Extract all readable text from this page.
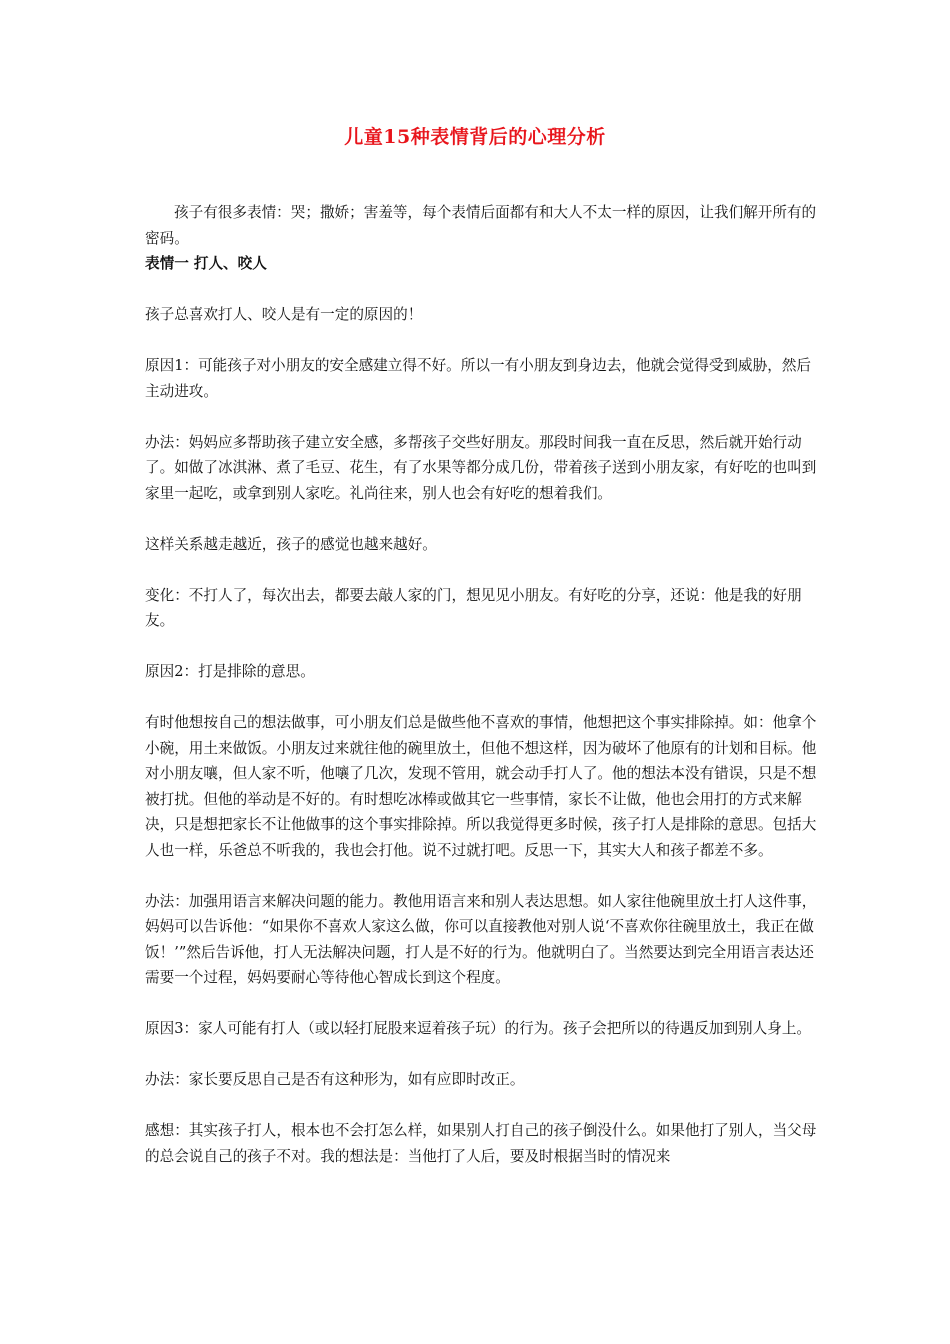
儿童15种表情背后的心理分析

孩子有很多表情：哭；撒娇；害羞等，每个表情后面都有和大人不太一样的原因，让我们解开所有的密码。

表情一 打人、咬人

孩子总喜欢打人、咬人是有一定的原因的！

原因1：可能孩子对小朋友的安全感建立得不好。所以一有小朋友到身边去，他就会觉得受到威胁，然后主动进攻。

办法：妈妈应多帮助孩子建立安全感，多帮孩子交些好朋友。那段时间我一直在反思，然后就开始行动了。如做了冰淇淋、煮了毛豆、花生，有了水果等都分成几份，带着孩子送到小朋友家，有好吃的也叫到家里一起吃，或拿到别人家吃。礼尚往来，别人也会有好吃的想着我们。

这样关系越走越近，孩子的感觉也越来越好。

变化：不打人了，每次出去，都要去敲人家的门，想见见小朋友。有好吃的分享，还说：他是我的好朋友。

原因2：打是排除的意思。

有时他想按自己的想法做事，可小朋友们总是做些他不喜欢的事情，他想把这个事实排除掉。如：他拿个小碗，用土来做饭。小朋友过来就往他的碗里放土，但他不想这样，因为破坏了他原有的计划和目标。他对小朋友嚷，但人家不听，他嚷了几次，发现不管用，就会动手打人了。他的想法本没有错误，只是不想被打扰。但他的举动是不好的。有时想吃冰棒或做其它一些事情，家长不让做，他也会用打的方式来解决，只是想把家长不让他做事的这个事实排除掉。所以我觉得更多时候，孩子打人是排除的意思。包括大人也一样，乐爸总不听我的，我也会打他。说不过就打吧。反思一下，其实大人和孩子都差不多。

办法：加强用语言来解决问题的能力。教他用语言来和别人表达思想。如人家往他碗里放土打人这件事，妈妈可以告诉他：“如果你不喜欢人家这么做，你可以直接教他对别人说‘不喜欢你往碗里放土，我正在做饭！’”然后告诉他，打人无法解决问题，打人是不好的行为。他就明白了。当然要达到完全用语言表达还需要一个过程，妈妈要耐心等待他心智成长到这个程度。

原因3：家人可能有打人（或以轻打屁股来逗着孩子玩）的行为。孩子会把所以的待遇反加到别人身上。

办法：家长要反思自己是否有这种形为，如有应即时改正。

感想：其实孩子打人，根本也不会打怎么样，如果别人打自己的孩子倒没什么。如果他打了别人，当父母的总会说自己的孩子不对。我的想法是：当他打了人后，要及时根据当时的情况来
